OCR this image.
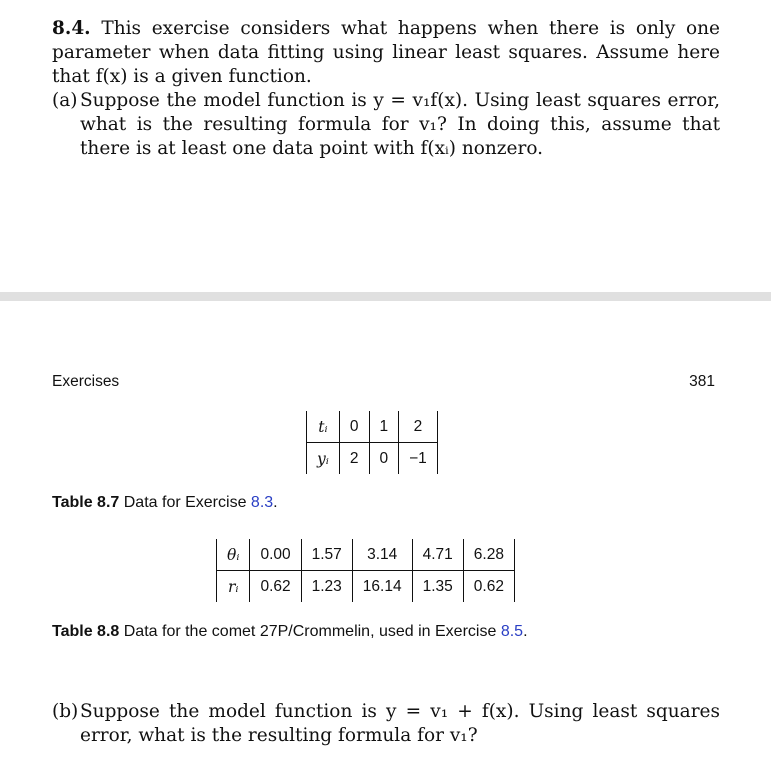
8.4. This exercise considers what happens when there is only one parameter when data fitting using linear least squares. Assume here that f(x) is a given function.
(a) Suppose the model function is y = v₁f(x). Using least squares error, what is the resulting formula for v₁? In doing this, assume that there is at least one data point with f(xᵢ) nonzero.
Exercises	381
tᵢ	0	1	2
yᵢ	2	0	−1
Table 8.7 Data for Exercise 8.3.
θᵢ	0.00	1.57	3.14	4.71	6.28
rᵢ	0.62	1.23	16.14	1.35	0.62
Table 8.8 Data for the comet 27P/Crommelin, used in Exercise 8.5.
(b) Suppose the model function is y = v₁ + f(x). Using least squares error, what is the resulting formula for v₁?
